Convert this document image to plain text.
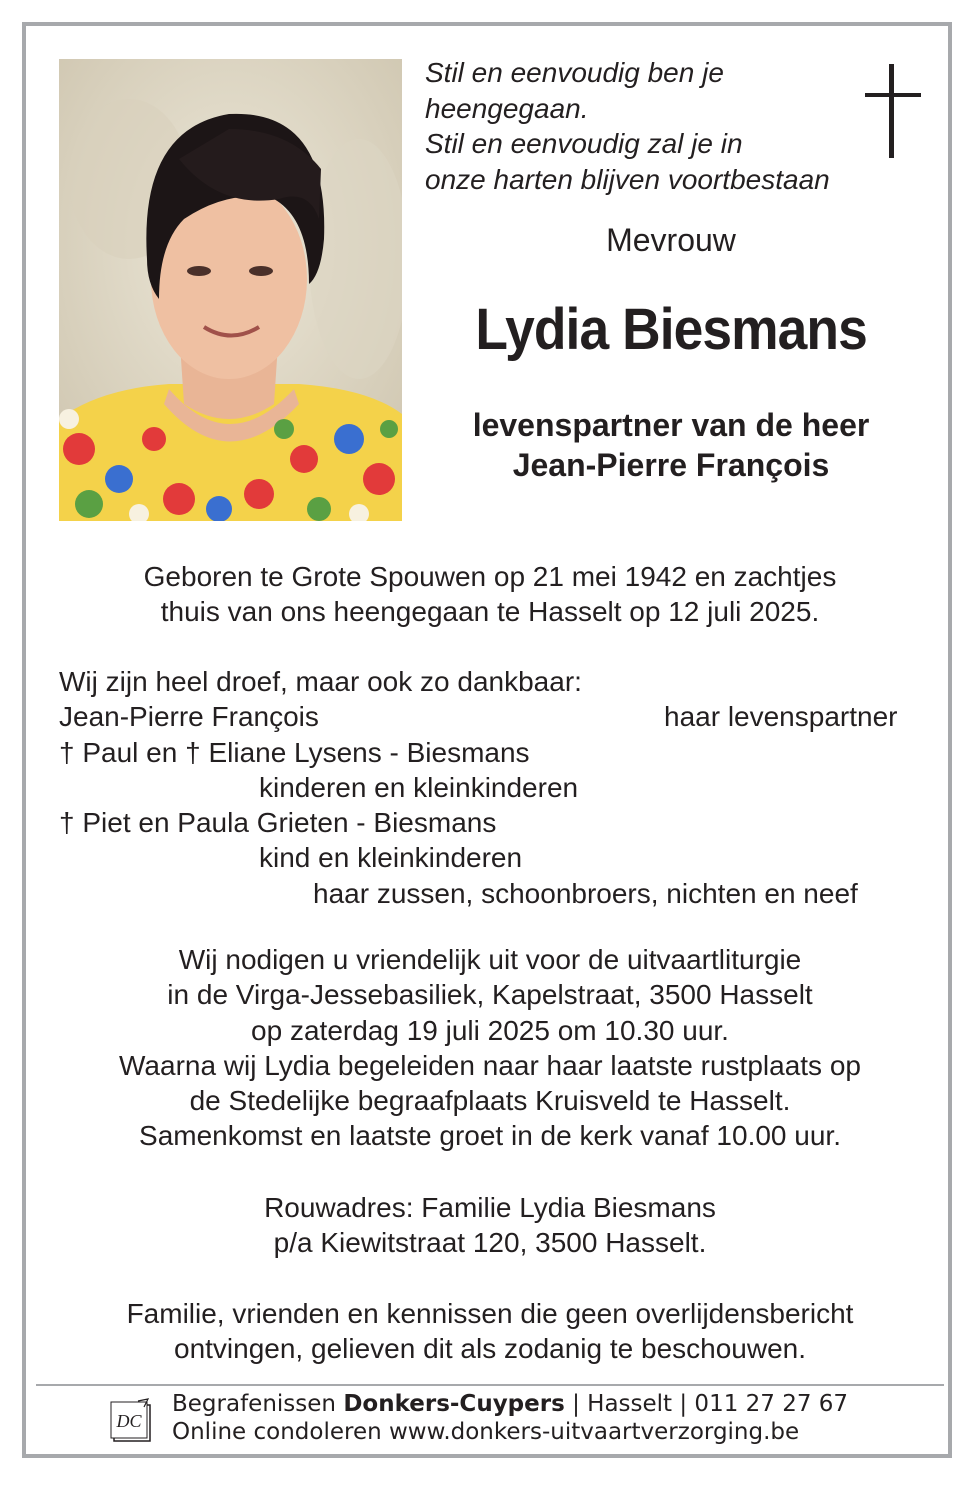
Stil en eenvoudig ben je
heengegaan.
Stil en eenvoudig zal je in
onze harten blijven voortbestaan
Mevrouw
Lydia Biesmans
levenspartner van de heer
Jean-Pierre François
Geboren te Grote Spouwen op 21 mei 1942 en zachtjes
thuis van ons heengegaan te Hasselt op 12 juli 2025.
Wij zijn heel droef, maar ook zo dankbaar:
Jean-Pierre François	haar levenspartner
† Paul en † Eliane Lysens - Biesmans
kinderen en kleinkinderen
† Piet en Paula Grieten - Biesmans
kind en kleinkinderen
haar zussen, schoonbroers, nichten en neef
Wij nodigen u vriendelijk uit voor de uitvaartliturgie
in de Virga-Jessebasiliek, Kapelstraat, 3500 Hasselt
op zaterdag 19 juli 2025 om 10.30 uur.
Waarna wij Lydia begeleiden naar haar laatste rustplaats op
de Stedelijke begraafplaats Kruisveld te Hasselt.
Samenkomst en laatste groet in de kerk vanaf 10.00 uur.
Rouwadres: Familie Lydia Biesmans
p/a Kiewitstraat 120, 3500 Hasselt.
Familie, vrienden en kennissen die geen overlijdensbericht
ontvingen, gelieven dit als zodanig te beschouwen.
DC
Begrafenissen Donkers-Cuypers | Hasselt | 011 27 27 67
Online condoleren www.donkers-uitvaartverzorging.be
